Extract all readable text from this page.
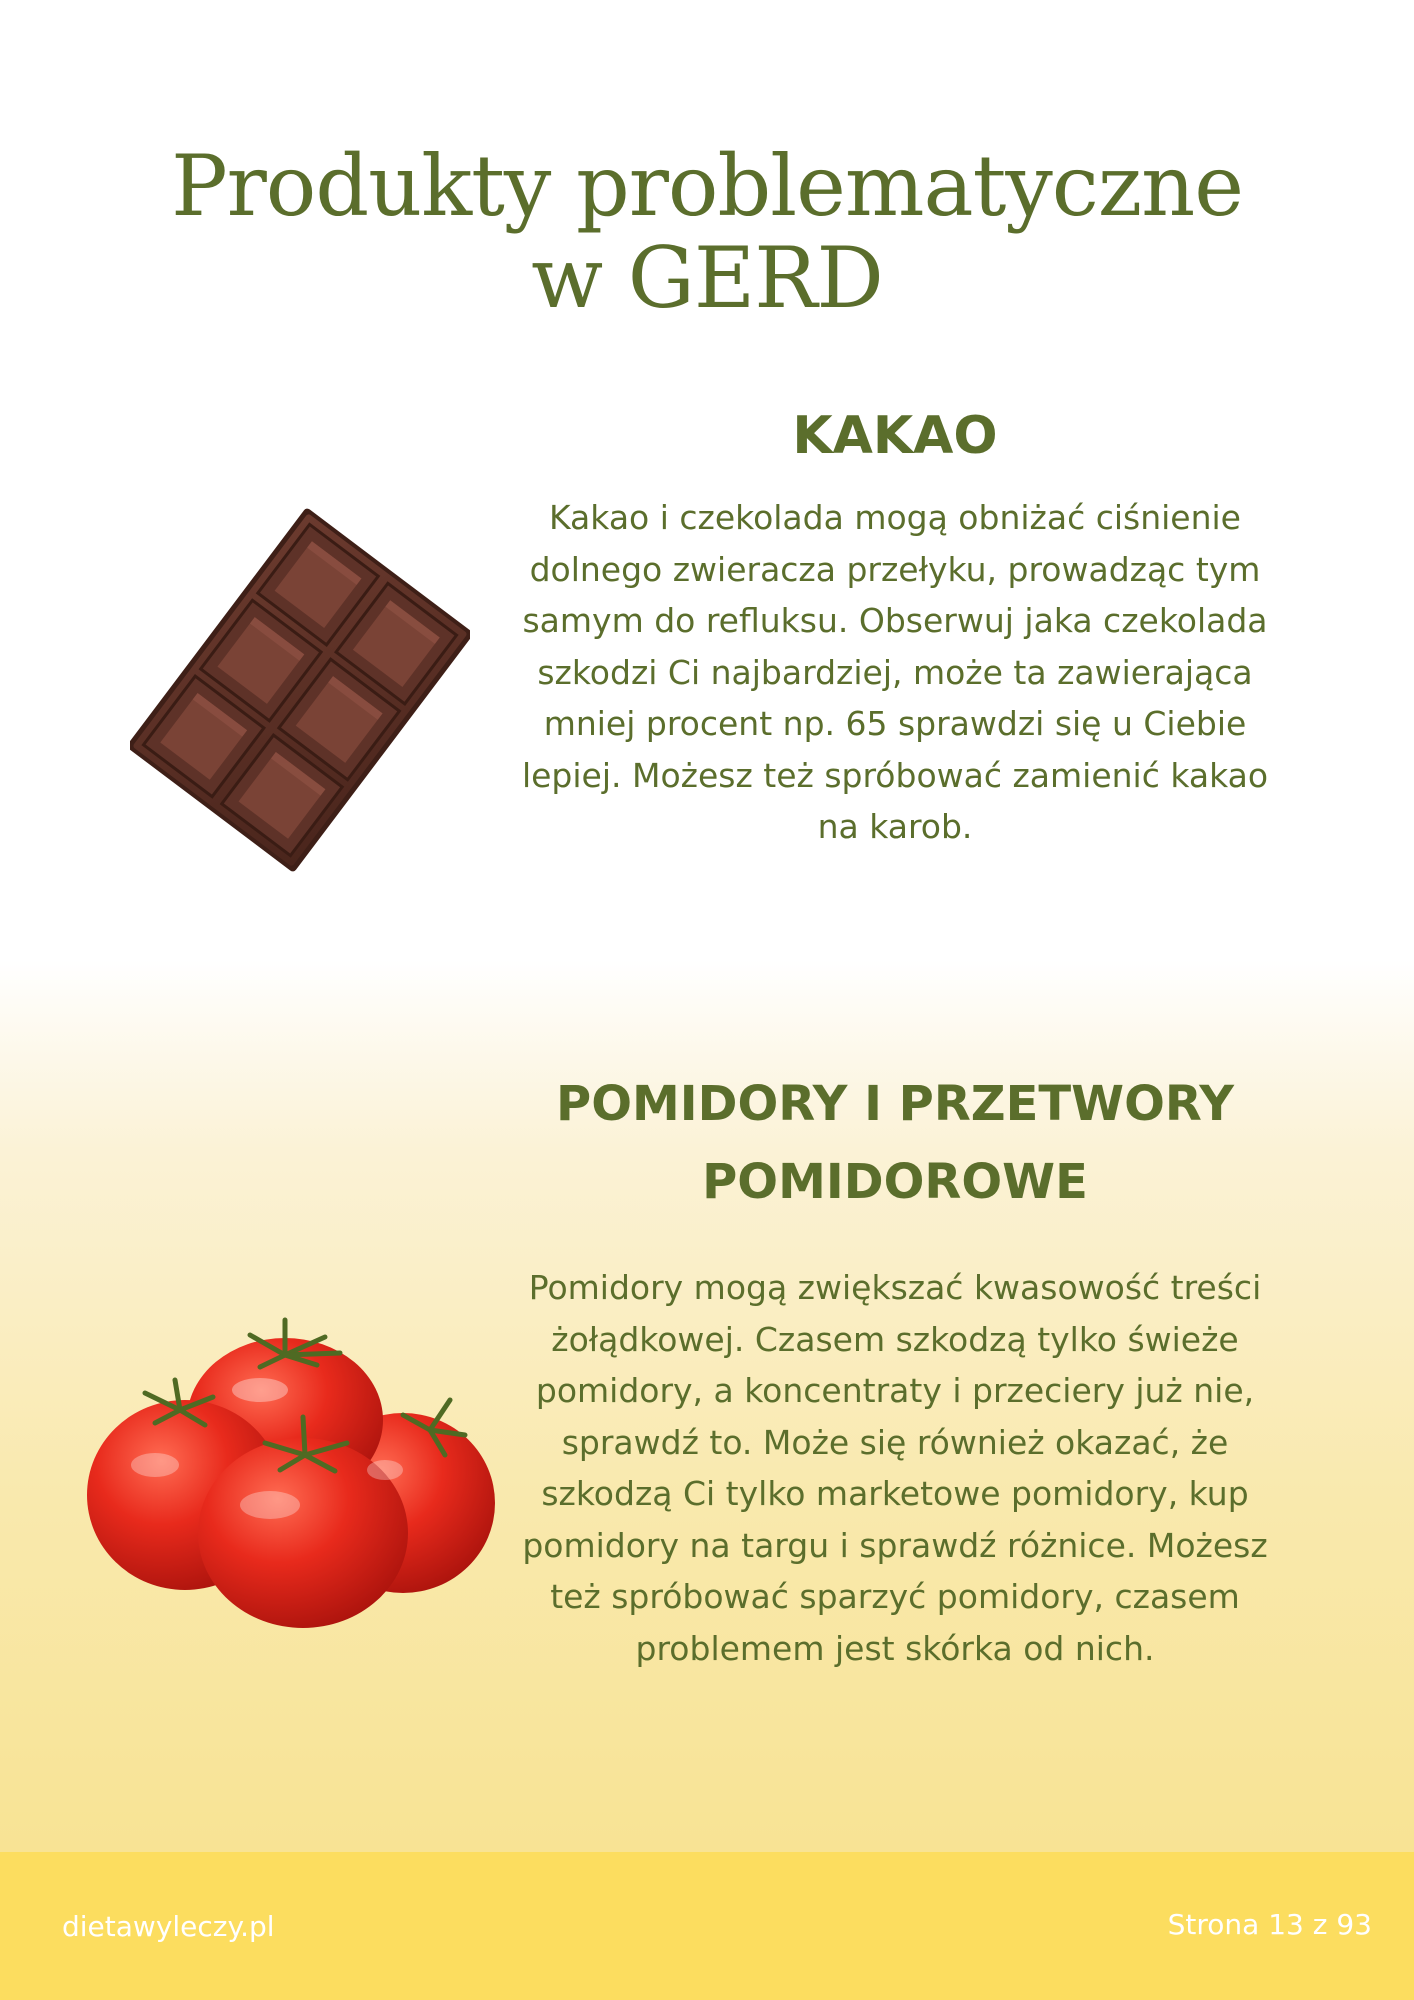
Produkty problematyczne
w GERD
KAKAO

Kakao i czekolada mogą obniżać ciśnienie dolnego zwieracza przełyku, prowadząc tym samym do refluksu. Obserwuj jaka czekolada szkodzi Ci najbardziej, może ta zawierająca mniej procent np. 65 sprawdzi się u Ciebie lepiej. Możesz też spróbować zamienić kakao na karob.

POMIDORY I PRZETWORY
POMIDOROWE

Pomidory mogą zwiększać kwasowość treści żołądkowej. Czasem szkodzą tylko świeże pomidory, a koncentraty i przeciery już nie, sprawdź to. Może się również okazać, że szkodzą Ci tylko marketowe pomidory, kup pomidory na targu i sprawdź różnice. Możesz też spróbować sparzyć pomidory, czasem problemem jest skórka od nich.

dietawyleczy.pl	Strona 13 z 93
